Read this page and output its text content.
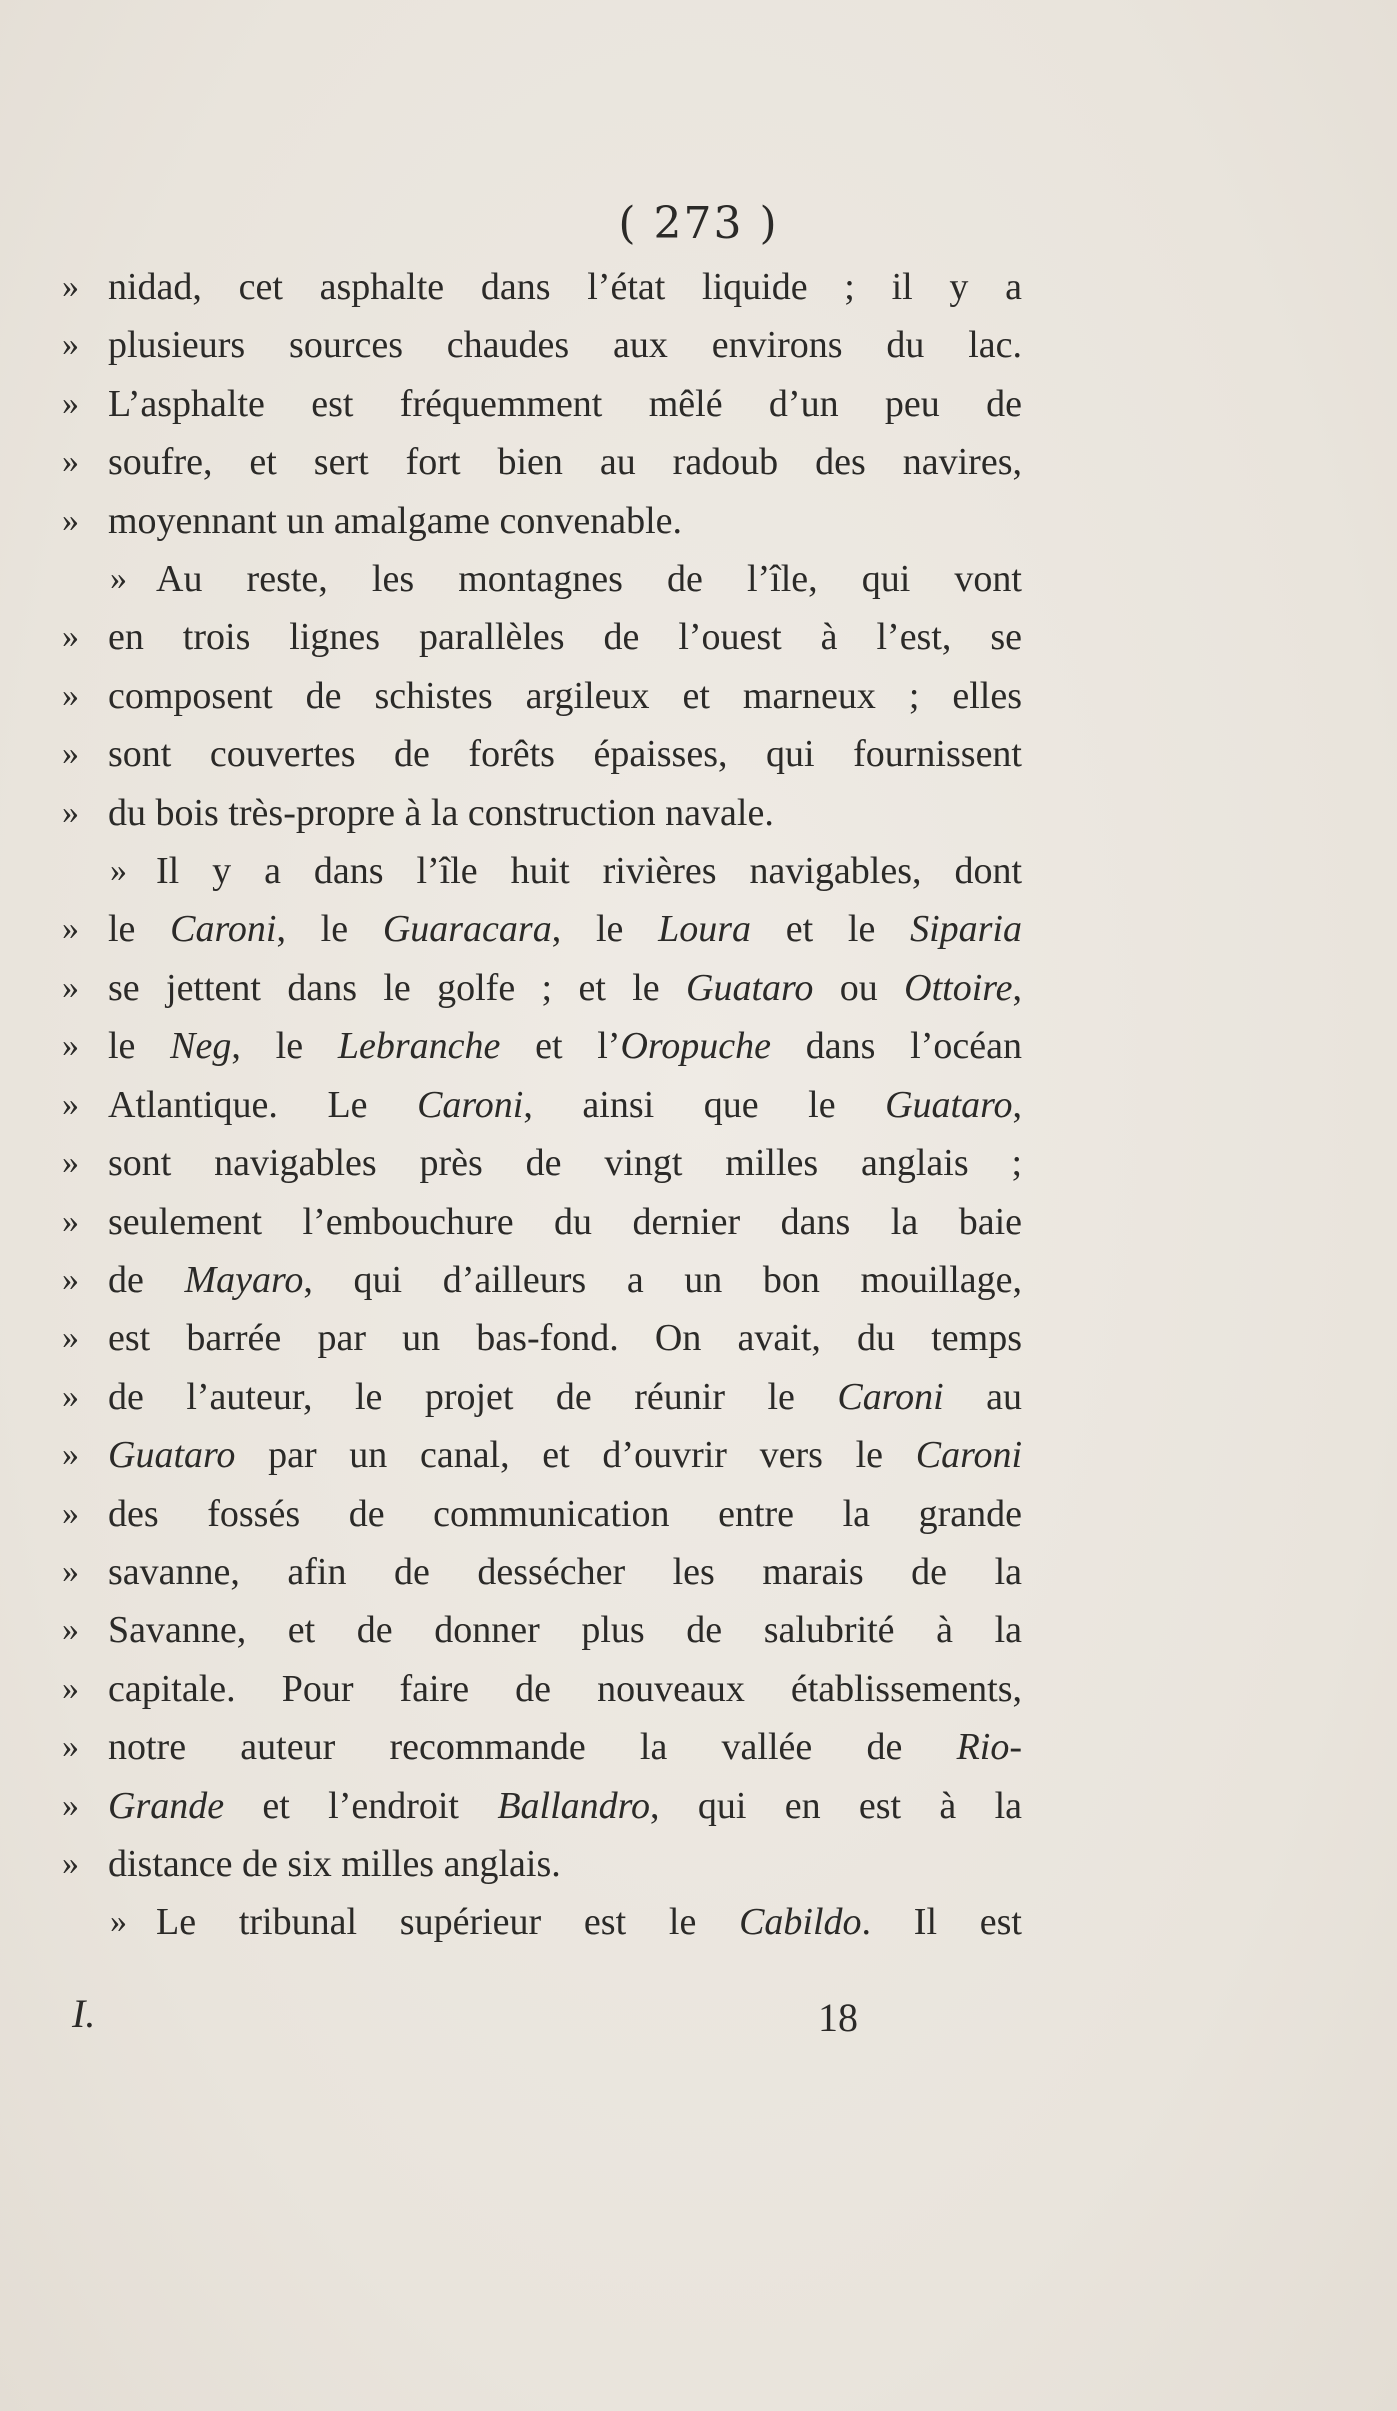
( 273 )
» nidad, cet asphalte dans l’état liquide ; il y a
» plusieurs sources chaudes aux environs du lac.
» L’asphalte est fréquemment mêlé d’un peu de
» soufre, et sert fort bien au radoub des navires,
» moyennant un amalgame convenable.
» Au reste, les montagnes de l’île, qui vont
» en trois lignes parallèles de l’ouest à l’est, se
» composent de schistes argileux et marneux ; elles
» sont couvertes de forêts épaisses, qui fournissent
» du bois très-propre à la construction navale.
» Il y a dans l’île huit rivières navigables, dont
» le Caroni, le Guaracara, le Loura et le Siparia
» se jettent dans le golfe ; et le Guataro ou Ottoire,
» le Neg, le Lebranche et l’Oropuche dans l’océan
» Atlantique. Le Caroni, ainsi que le Guataro,
» sont navigables près de vingt milles anglais ;
» seulement l’embouchure du dernier dans la baie
» de Mayaro, qui d’ailleurs a un bon mouillage,
» est barrée par un bas-fond. On avait, du temps
» de l’auteur, le projet de réunir le Caroni au
» Guataro par un canal, et d’ouvrir vers le Caroni
» des fossés de communication entre la grande
» savanne, afin de dessécher les marais de la
» Savanne, et de donner plus de salubrité à la
» capitale. Pour faire de nouveaux établissements,
» notre auteur recommande la vallée de Rio-
» Grande et l’endroit Ballandro, qui en est à la
» distance de six milles anglais.
» Le tribunal supérieur est le Cabildo. Il est
I.	18
